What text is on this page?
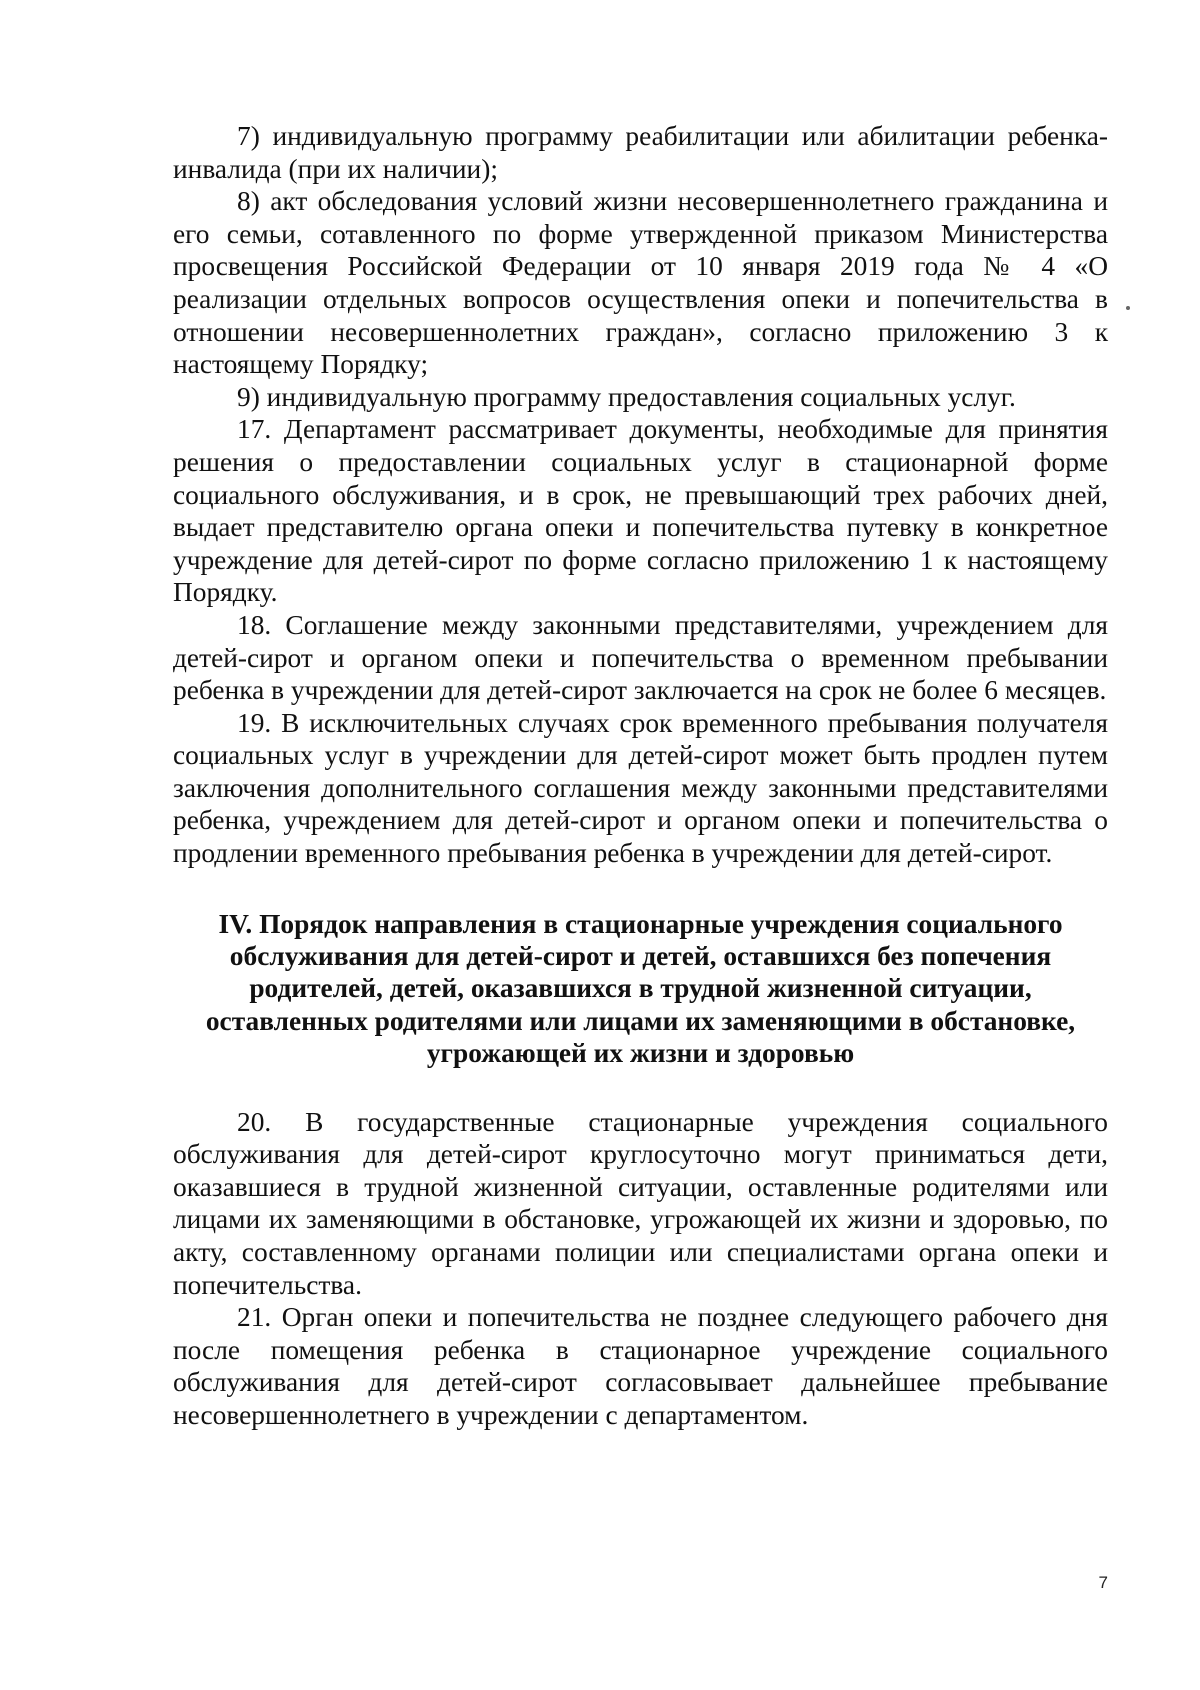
7) индивидуальную программу реабилитации или абилитации ребенка-инвалида (при их наличии);

8) акт обследования условий жизни несовершеннолетнего гражданина и его семьи, сотавленного по форме утвержденной приказом Министерства просвещения Российской Федерации от 10 января 2019 года № 4 «О реализации отдельных вопросов осуществления опеки и попечительства в отношении несовершеннолетних граждан», согласно приложению 3 к настоящему Порядку;

9) индивидуальную программу предоставления социальных услуг.

17. Департамент рассматривает документы, необходимые для принятия решения о предоставлении социальных услуг в стационарной форме социального обслуживания, и в срок, не превышающий трех рабочих дней, выдает представителю органа опеки и попечительства путевку в конкретное учреждение для детей-сирот по форме согласно приложению 1 к настоящему Порядку.

18. Соглашение между законными представителями, учреждением для детей-сирот и органом опеки и попечительства о временном пребывании ребенка в учреждении для детей-сирот заключается на срок не более 6 месяцев.

19. В исключительных случаях срок временного пребывания получателя социальных услуг в учреждении для детей-сирот может быть продлен путем заключения дополнительного соглашения между законными представителями ребенка, учреждением для детей-сирот и органом опеки и попечительства о продлении временного пребывания ребенка в учреждении для детей-сирот.

IV. Порядок направления в стационарные учреждения социального обслуживания для детей-сирот и детей, оставшихся без попечения родителей, детей, оказавшихся в трудной жизненной ситуации, оставленных родителями или лицами их заменяющими в обстановке, угрожающей их жизни и здоровью

20. В государственные стационарные учреждения социального обслуживания для детей-сирот круглосуточно могут приниматься дети, оказавшиеся в трудной жизненной ситуации, оставленные родителями или лицами их заменяющими в обстановке, угрожающей их жизни и здоровью, по акту, составленному органами полиции или специалистами органа опеки и попечительства.

21. Орган опеки и попечительства не позднее следующего рабочего дня после помещения ребенка в стационарное учреждение социального обслуживания для детей-сирот согласовывает дальнейшее пребывание несовершеннолетнего в учреждении с департаментом.

7
